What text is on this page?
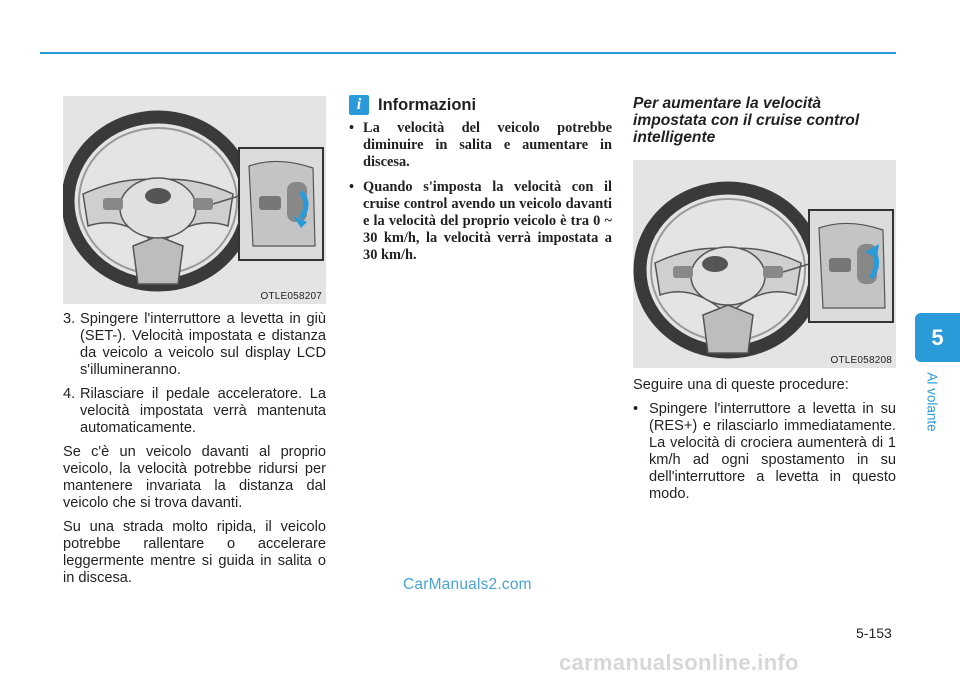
OTLE058207
3. Spingere l'interruttore a levetta in giù (SET-). Velocità impostata e distanza da veicolo a veicolo sul display LCD s'illumineranno.
4. Rilasciare il pedale acceleratore. La velocità impostata verrà mantenuta automaticamente.

Se c'è un veicolo davanti al proprio veicolo, la velocità potrebbe ridursi per mantenere invariata la distanza dal veicolo che si trova davanti.

Su una strada molto ripida, il veicolo potrebbe rallentare o accelerare leggermente mentre si guida in salita o in discesa.

i	Informazioni
• La velocità del veicolo potrebbe diminuire in salita e aumentare in discesa.
• Quando s'imposta la velocità con il cruise control avendo un veicolo davanti e la velocità del proprio veicolo è tra 0 ~ 30 km/h, la velocità verrà impostata a 30 km/h.
Per aumentare la velocità impostata con il cruise control intelligente
OTLE058208

Seguire una di queste procedure:

• Spingere l'interruttore a levetta in su (RES+) e rilasciarlo immediatamente. La velocità di crociera aumenterà di 1 km/h ad ogni spostamento in su dell'interruttore a levetta in questo modo.
5
Al volante
CarManuals2.com
5-153
carmanualsonline.info
